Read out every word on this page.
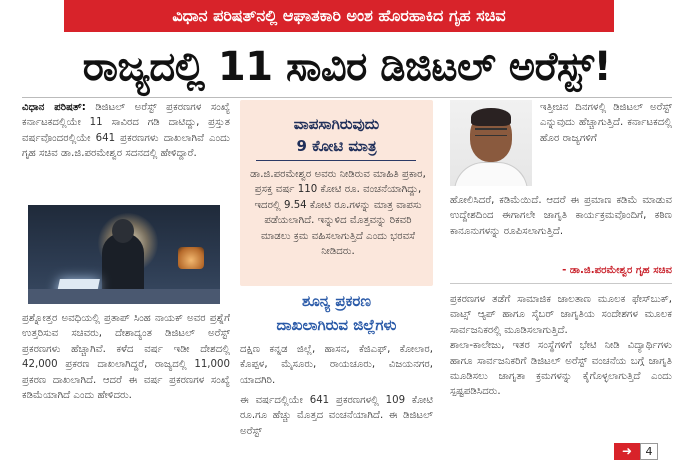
ವಿಧಾನ ಪರಿಷತ್‌ನಲ್ಲಿ ಆಘಾತಕಾರಿ ಅಂಶ ಹೊರಹಾಕಿದ ಗೃಹ ಸಚಿವ
ರಾಜ್ಯದಲ್ಲಿ 11 ಸಾವಿರ ಡಿಜಿಟಲ್ ಅರೆಸ್ಟ್!

ವಿಧಾನ ಪರಿಷತ್: ಡಿಜಿಟಲ್ ಅರೆಸ್ಟ್ ಪ್ರಕರಣಗಳ ಸಂಖ್ಯೆ ಕರ್ನಾಟಕದಲ್ಲಿಯೇ 11 ಸಾವಿರದ ಗಡಿ ದಾಟಿದ್ದು, ಪ್ರಸ್ತುತ ವರ್ಷವೊಂದರಲ್ಲಿಯೇ 641 ಪ್ರಕರಣಗಳು ದಾಖಲಾಗಿವೆ ಎಂದು ಗೃಹ ಸಚಿವ ಡಾ.ಜಿ.ಪರಮೇಶ್ವರ ಸದನದಲ್ಲಿ ಹೇಳಿದ್ದಾರೆ.

ಪ್ರಶ್ನೋತ್ತರ ಅವಧಿಯಲ್ಲಿ ಪ್ರತಾಪ್ ಸಿಂಹ ನಾಯಕ್ ಅವರ ಪ್ರಶ್ನೆಗೆ ಉತ್ತರಿಸುವ ಸಚಿವರು, ದೇಶಾದ್ಯಂತ ಡಿಜಿಟಲ್ ಅರೆಸ್ಟ್ ಪ್ರಕರಣಗಳು ಹೆಚ್ಚಾಗಿವೆ. ಕಳೆದ ವರ್ಷ ಇಡೀ ದೇಶದಲ್ಲಿ 42,000 ಪ್ರಕರಣ ದಾಖಲಾಗಿದ್ದರೆ, ರಾಜ್ಯದಲ್ಲಿ 11,000 ಪ್ರಕರಣ ದಾಖಲಾಗಿದೆ. ಆದರೆ ಈ ವರ್ಷ ಪ್ರಕರಣಗಳ ಸಂಖ್ಯೆ ಕಡಿಮೆಯಾಗಿದೆ ಎಂದು ಹೇಳಿದರು.

ವಾಪಸಾಗಿರುವುದು
9 ಕೋಟಿ ಮಾತ್ರ

ಡಾ.ಜಿ.ಪರಮೇಶ್ವರ ಅವರು ನೀಡಿರುವ ಮಾಹಿತಿ ಪ್ರಕಾರ, ಪ್ರಸಕ್ತ ವರ್ಷ 110 ಕೋಟಿ ರೂ. ವಂಚನೆಯಾಗಿದ್ದು, ಇದರಲ್ಲಿ 9.54 ಕೋಟಿ ರೂ.ಗಳನ್ನು ಮಾತ್ರ ವಾಪಸು ಪಡೆಯಲಾಗಿದೆ. ಇನ್ನುಳಿದ ಮೊತ್ತವನ್ನು ರಿಕವರಿ ಮಾಡಲು ಕ್ರಮ ವಹಿಸಲಾಗುತ್ತಿದೆ ಎಂದು ಭರವಸೆ ನೀಡಿದರು.

ಶೂನ್ಯ ಪ್ರಕರಣ
ದಾಖಲಾಗಿರುವ ಜಿಲ್ಲೆಗಳು

ದಕ್ಷಿಣ ಕನ್ನಡ ಜಿಲ್ಲೆ, ಹಾಸನ, ಕೆಜಿಎಫ್, ಕೋಲಾರ, ಕೊಪ್ಪಳ, ಮೈಸೂರು, ರಾಯಚೂರು, ವಿಜಯನಗರ, ಯಾದಗಿರಿ.

ಈ ವರ್ಷದಲ್ಲಿಯೇ 641 ಪ್ರಕರಣಗಳಲ್ಲಿ 109 ಕೋಟಿ ರೂ.ಗೂ ಹೆಚ್ಚು ಮೊತ್ತದ ವಂಚನೆಯಾಗಿದೆ. ಈ ಡಿಜಿಟಲ್ ಅರೆಸ್ಟ್

ಇತ್ತೀಚಿನ ದಿನಗಳಲ್ಲಿ ಡಿಜಿಟಲ್ ಅರೆಸ್ಟ್ ಎನ್ನುವುದು ಹೆಚ್ಚಾಗುತ್ತಿದೆ. ಕರ್ನಾಟಕದಲ್ಲಿ ಹೊರ ರಾಜ್ಯಗಳಿಗೆ

ಹೋಲಿಸಿದರೆ, ಕಡಿಮೆಯಿದೆ. ಆದರೆ ಈ ಪ್ರಮಾಣ ಕಡಿಮೆ ಮಾಡುವ ಉದ್ದೇಶದಿಂದ ಈಗಾಗಲೇ ಜಾಗೃತಿ ಕಾರ್ಯಕ್ರಮವೊಂದಿಗೆ, ಕಠಿಣ ಕಾನೂನುಗಳನ್ನು ರೂಪಿಸಲಾಗುತ್ತಿದೆ.

- ಡಾ.ಜಿ.ಪರಮೇಶ್ವರ ಗೃಹ ಸಚಿವ

ಪ್ರಕರಣಗಳ ತಡೆಗೆ ಸಾಮಾಜಿಕ ಜಾಲತಾಣ ಮೂಲಕ ಫೇಸ್‌ಬುಕ್, ವಾಟ್ಸ್ ಆ್ಯಪ್ ಹಾಗೂ ಸೈಬರ್ ಜಾಗೃತಿಯ ಸಂದೇಶಗಳ ಮೂಲಕ ಸಾರ್ವಜನಿಕರಲ್ಲಿ ಮೂಡಿಸಲಾಗುತ್ತಿದೆ.

ಶಾಲಾ-ಕಾಲೇಜು, ಇತರ ಸಂಸ್ಥೆಗಳಿಗೆ ಭೇಟಿ ನೀಡಿ ವಿದ್ಯಾರ್ಥಿಗಳು ಹಾಗೂ ಸಾರ್ವಜನಿಕರಿಗೆ ಡಿಜಿಟಲ್ ಅರೆಸ್ಟ್ ವಂಚನೆಯ ಬಗ್ಗೆ ಜಾಗೃತಿ ಮೂಡಿಸಲು ಜಾಗೃತಾ ಕ್ರಮಗಳನ್ನು ಕೈಗೊಳ್ಳಲಾಗುತ್ತಿದೆ ಎಂದು ಸ್ಪಷ್ಟಪಡಿಸಿದರು.

➜	4
